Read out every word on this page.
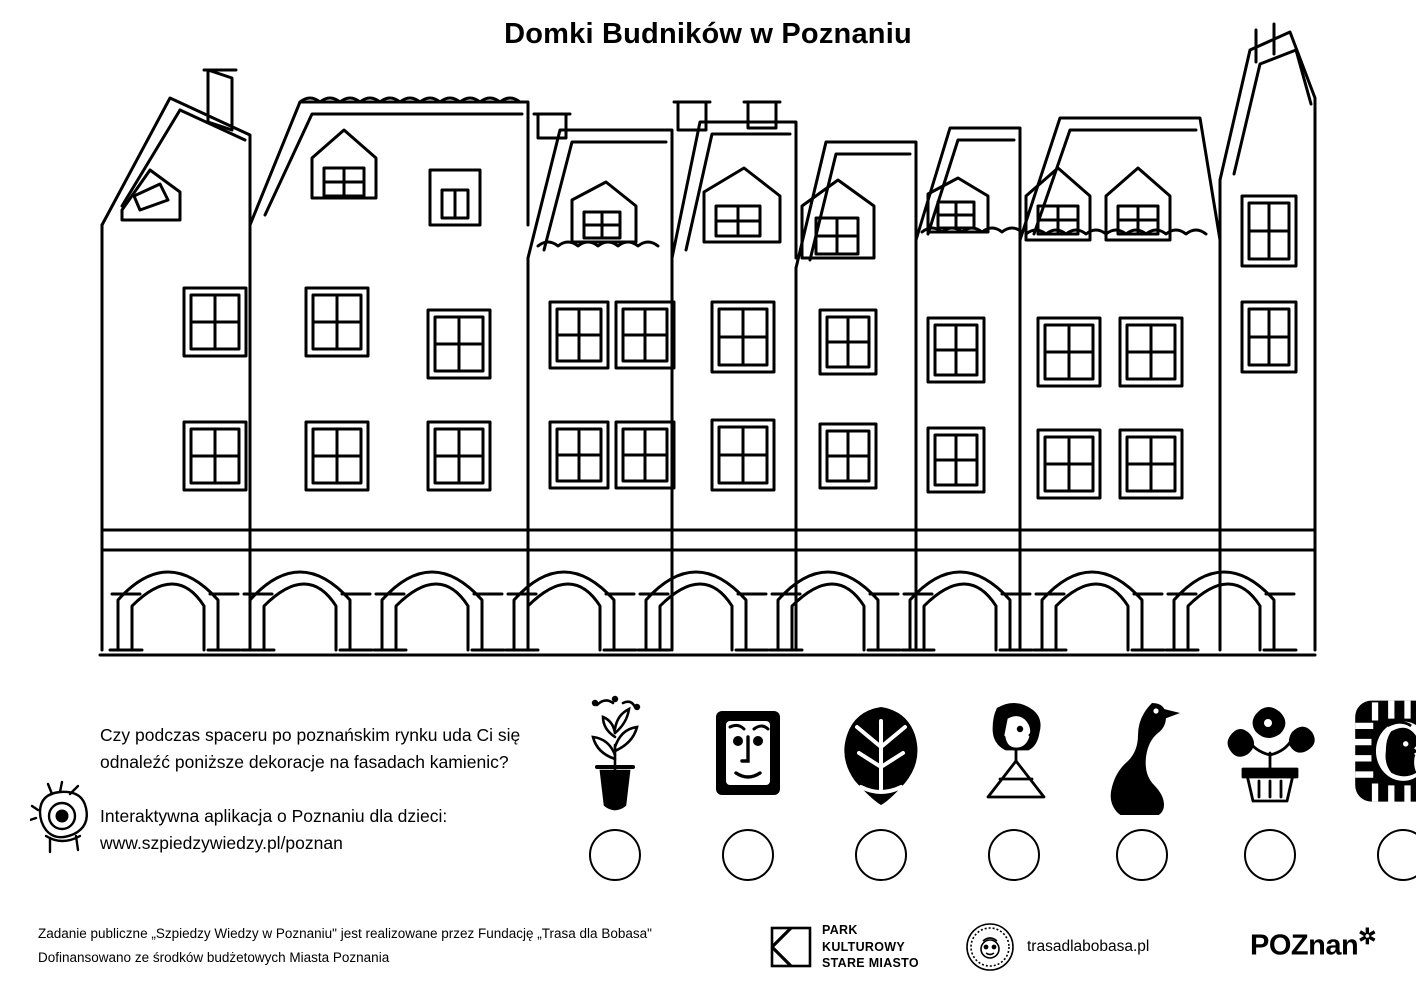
Domki Budników w Poznaniu
Czy podczas spaceru po poznańskim rynku uda Ci się odnaleźć poniższe dekoracje na fasadach kamienic?
Interaktywna aplikacja o Poznaniu dla dzieci:
www.szpiedzywiedzy.pl/poznan
Zadanie publiczne „Szpiedzy Wiedzy w Poznaniu" jest realizowane przez Fundację „Trasa dla Bobasa"
Dofinansowano ze środków budżetowych Miasta Poznania
PARK
KULTUROWY
STARE MIASTO
trasadlabobasa.pl	POZnan✲
